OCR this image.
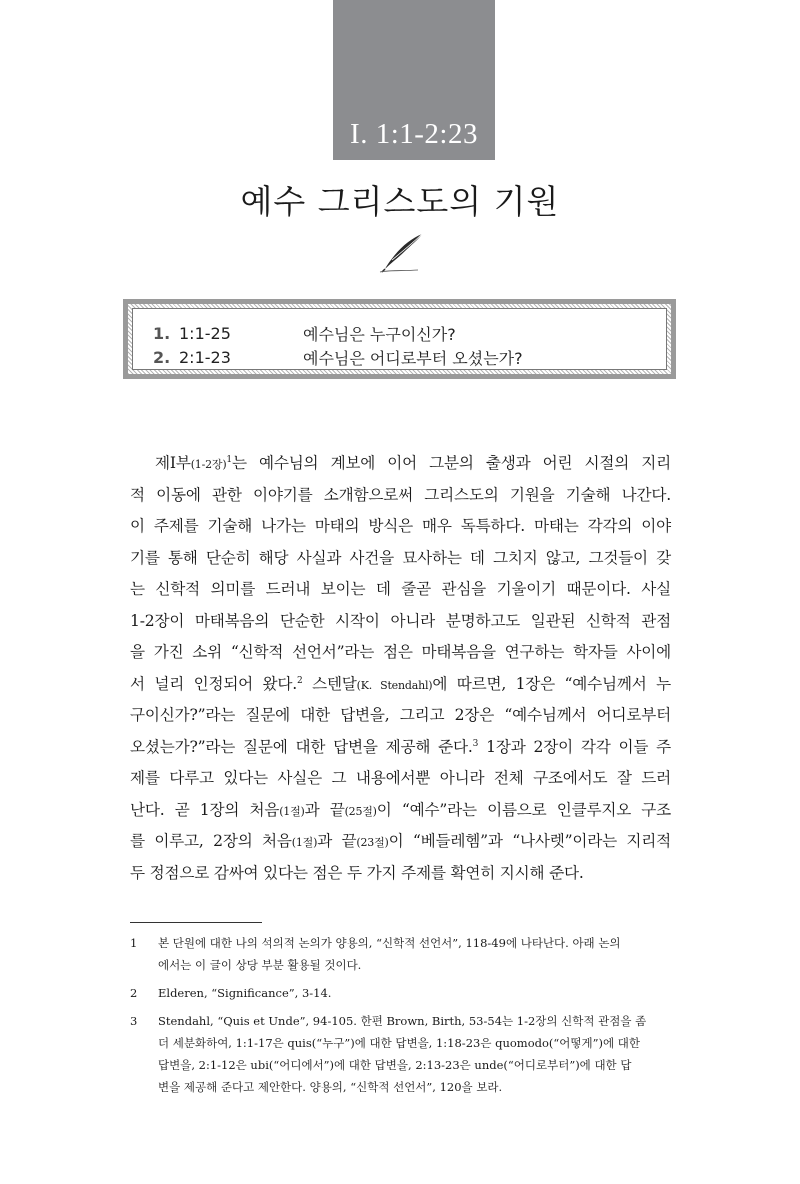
I. 1:1-2:23
예수 그리스도의 기원
1. 1:1-25	예수님은 누구이신가?
2. 2:1-23	예수님은 어디로부터 오셨는가?
제I부(1-2장)$^1$는 예수님의 계보에 이어 그분의 출생과 어린 시절의 지리
적 이동에 관한 이야기를 소개함으로써 그리스도의 기원을 기술해 나간다.
이 주제를 기술해 나가는 마태의 방식은 매우 독특하다. 마태는 각각의 이야
기를 통해 단순히 해당 사실과 사건을 묘사하는 데 그치지 않고, 그것들이 갖
는 신학적 의미를 드러내 보이는 데 줄곧 관심을 기울이기 때문이다. 사실
1-2장이 마태복음의 단순한 시작이 아니라 분명하고도 일관된 신학적 관점
을 가진 소위 “신학적 선언서”라는 점은 마태복음을 연구하는 학자들 사이에
서 널리 인정되어 왔다.$^2$ 스텐달(K. Stendahl)에 따르면, 1장은 “예수님께서 누
구이신가?”라는 질문에 대한 답변을, 그리고 2장은 “예수님께서 어디로부터
오셨는가?”라는 질문에 대한 답변을 제공해 준다.$^3$ 1장과 2장이 각각 이들 주
제를 다루고 있다는 사실은 그 내용에서뿐 아니라 전체 구조에서도 잘 드러
난다. 곧 1장의 처음(1절)과 끝(25절)이 “예수”라는 이름으로 인클루지오 구조
를 이루고, 2장의 처음(1절)과 끝(23절)이 “베들레헴”과 “나사렛”이라는 지리적
두 정점으로 감싸여 있다는 점은 두 가지 주제를 확연히 지시해 준다.
1	본 단원에 대한 나의 석의적 논의가 양용의, “신학적 선언서”, 118-49에 나타난다. 아래 논의
에서는 이 글이 상당 부분 활용될 것이다.
2	Elderen, “Significance”, 3-14.
3	Stendahl, “Quis et Unde”, 94-105. 한편 Brown, Birth, 53-54는 1-2장의 신학적 관점을 좀
더 세분화하여, 1:1-17은 quis(“누구”)에 대한 답변을, 1:18-23은 quomodo(“어떻게”)에 대한
답변을, 2:1-12은 ubi(“어디에서”)에 대한 답변을, 2:13-23은 unde(“어디로부터”)에 대한 답
변을 제공해 준다고 제안한다. 양용의, “신학적 선언서”, 120을 보라.
